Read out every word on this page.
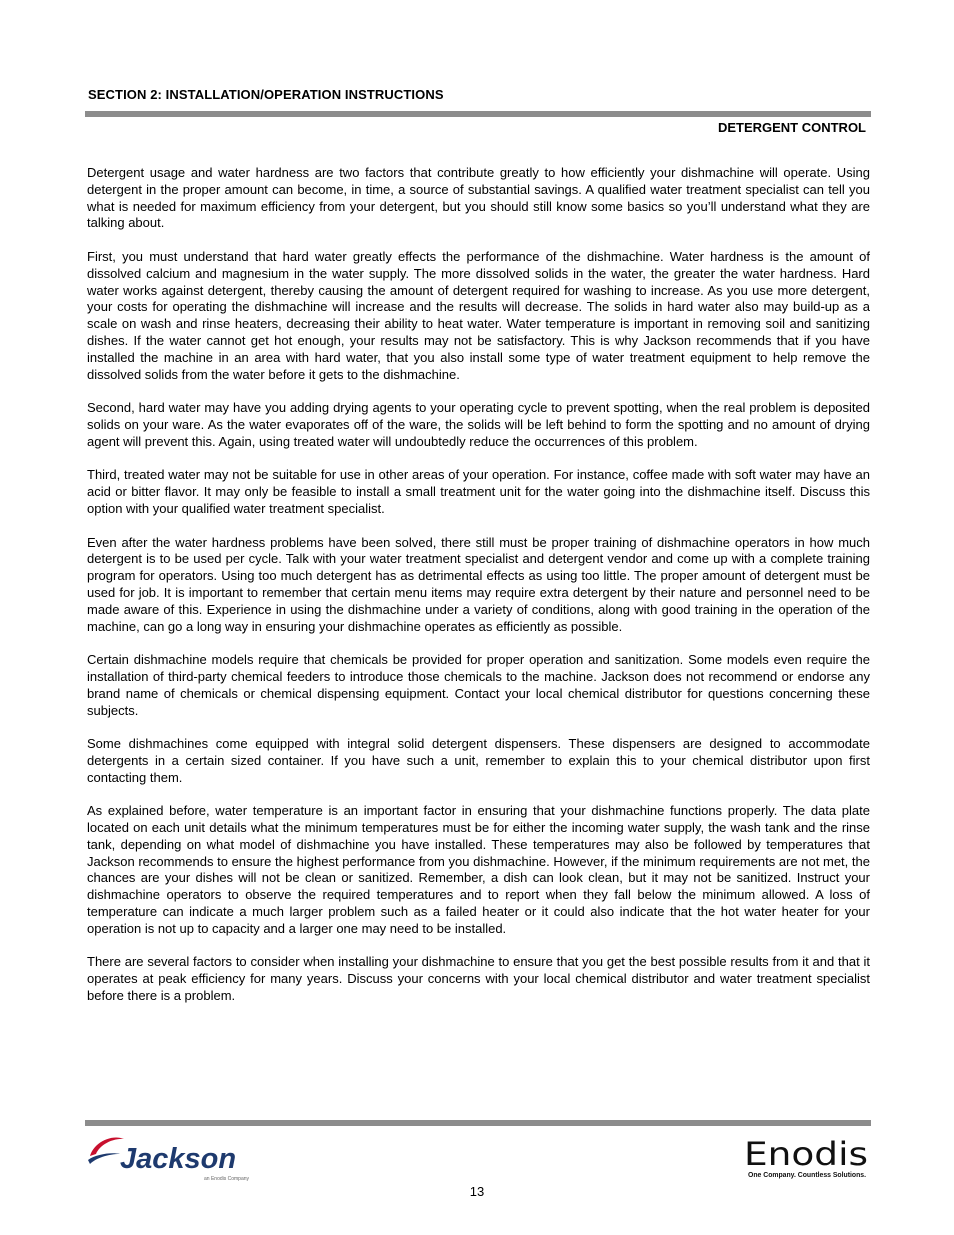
SECTION 2: INSTALLATION/OPERATION INSTRUCTIONS
DETERGENT CONTROL

Detergent usage and water hardness are two factors that contribute greatly to how efficiently your dishmachine will operate. Using detergent in the proper amount can become, in time, a source of substantial savings. A qualified water treatment specialist can tell you what is needed for maximum efficiency from your detergent, but you should still know some basics so you’ll understand what they are talking about.

First, you must understand that hard water greatly effects the performance of the dishmachine. Water hardness is the amount of dissolved calcium and magnesium in the water supply. The more dissolved solids in the water, the greater the water hardness. Hard water works against detergent, thereby causing the amount of detergent required for washing to increase. As you use more detergent, your costs for operating the dishmachine will increase and the results will decrease. The solids in hard water also may build-up as a scale on wash and rinse heaters, decreasing their ability to heat water. Water temperature is important in removing soil and sanitizing dishes. If the water cannot get hot enough, your results may not be satisfactory. This is why Jackson recommends that if you have installed the machine in an area with hard water, that you also install some type of water treatment equipment to help remove the dissolved solids from the water before it gets to the dishmachine.

Second, hard water may have you adding drying agents to your operating cycle to prevent spotting, when the real problem is deposited solids on your ware. As the water evaporates off of the ware, the solids will be left behind to form the spotting and no amount of drying agent will prevent this. Again, using treated water will undoubtedly reduce the occurrences of this problem.

Third, treated water may not be suitable for use in other areas of your operation. For instance, coffee made with soft water may have an acid or bitter flavor. It may only be feasible to install a small treatment unit for the water going into the dishmachine itself. Discuss this option with your qualified water treatment specialist.

Even after the water hardness problems have been solved, there still must be proper training of dishmachine operators in how much detergent is to be used per cycle. Talk with your water treatment specialist and detergent vendor and come up with a complete training program for operators. Using too much detergent has as detrimental effects as using too little. The proper amount of detergent must be used for job. It is important to remember that certain menu items may require extra detergent by their nature and personnel need to be made aware of this. Experience in using the dishmachine under a variety of conditions, along with good training in the operation of the machine, can go a long way in ensuring your dishmachine operates as efficiently as possible.

Certain dishmachine models require that chemicals be provided for proper operation and sanitization. Some models even require the installation of third-party chemical feeders to introduce those chemicals to the machine. Jackson does not recommend or endorse any brand name of chemicals or chemical dispensing equipment. Contact your local chemical distributor for questions concerning these subjects.

Some dishmachines come equipped with integral solid detergent dispensers. These dispensers are designed to accommodate detergents in a certain sized container. If you have such a unit, remember to explain this to your chemical distributor upon first contacting them.

As explained before, water temperature is an important factor in ensuring that your dishmachine functions properly. The data plate located on each unit details what the minimum temperatures must be for either the incoming water supply, the wash tank and the rinse tank, depending on what model of dishmachine you have installed. These temperatures may also be followed by temperatures that Jackson recommends to ensure the highest performance from you dishmachine. However, if the minimum requirements are not met, the chances are your dishes will not be clean or sanitized. Remember, a dish can look clean, but it may not be sanitized. Instruct your dishmachine operators to observe the required temperatures and to report when they fall below the minimum allowed. A loss of temperature can indicate a much larger problem such as a failed heater or it could also indicate that the hot water heater for your operation is not up to capacity and a larger one may need to be installed.

There are several factors to consider when installing your dishmachine to ensure that you get the best possible results from it and that it operates at peak efficiency for many years. Discuss your concerns with your local chemical distributor and water treatment specialist before there is a problem.

Jackson
an Enodis Company
Enodis
One Company. Countless Solutions.
13
